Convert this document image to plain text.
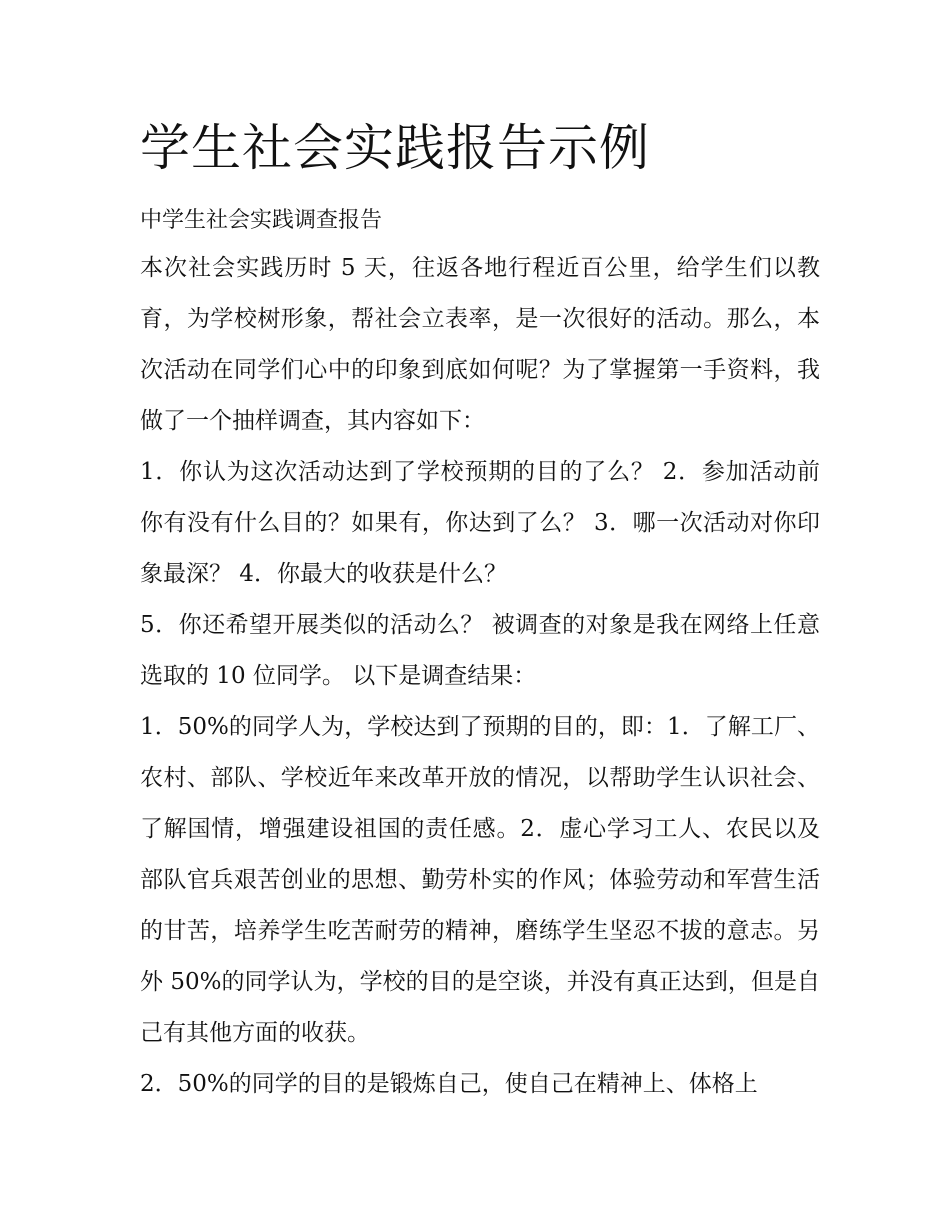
学生社会实践报告示例
中学生社会实践调查报告

本次社会实践历时 5 天，往返各地行程近百公里，给学生们以教育，为学校树形象，帮社会立表率，是一次很好的活动。那么，本次活动在同学们心中的印象到底如何呢？为了掌握第一手资料，我做了一个抽样调查，其内容如下：

1．你认为这次活动达到了学校预期的目的了么？ 2．参加活动前你有没有什么目的？如果有，你达到了么？ 3．哪一次活动对你印象最深？ 4．你最大的收获是什么？

5．你还希望开展类似的活动么？ 被调查的对象是我在网络上任意选取的 10 位同学。 以下是调查结果：

1．50%的同学人为，学校达到了预期的目的，即：1．了解工厂、农村、部队、学校近年来改革开放的情况，以帮助学生认识社会、了解国情，增强建设祖国的责任感。2．虚心学习工人、农民以及部队官兵艰苦创业的思想、勤劳朴实的作风；体验劳动和军营生活的甘苦，培养学生吃苦耐劳的精神，磨练学生坚忍不拔的意志。另外 50%的同学认为，学校的目的是空谈，并没有真正达到，但是自己有其他方面的收获。

2．50%的同学的目的是锻炼自己，使自己在精神上、体格上
